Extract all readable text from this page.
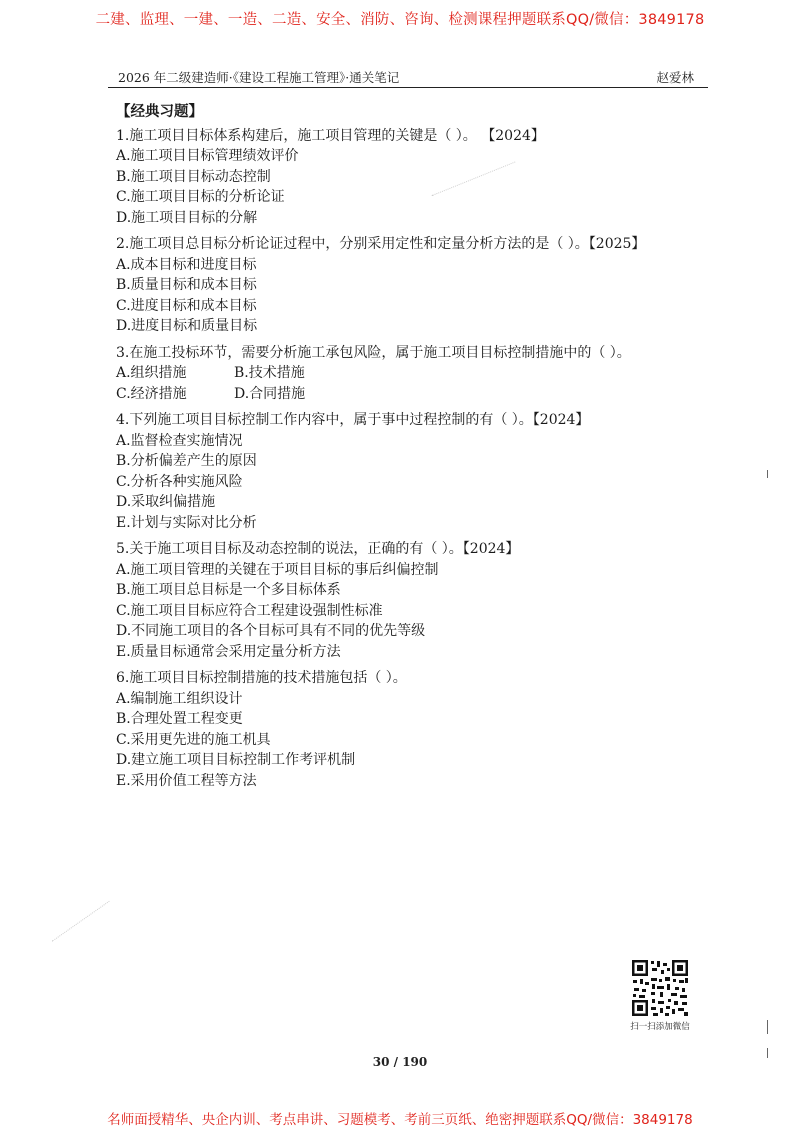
二建、监理、一建、一造、二造、安全、消防、咨询、检测课程押题联系QQ/微信：3849178
2026 年二级建造师·《建设工程施工管理》·通关笔记	赵爱林
【经典习题】
1.施工项目目标体系构建后，施工项目管理的关键是（ ）。 【2024】
A.施工项目目标管理绩效评价
B.施工项目目标动态控制
C.施工项目目标的分析论证
D.施工项目目标的分解
2.施工项目总目标分析论证过程中，分别采用定性和定量分析方法的是（ ）。【2025】
A.成本目标和进度目标
B.质量目标和成本目标
C.进度目标和成本目标
D.进度目标和质量目标
3.在施工投标环节，需要分析施工承包风险，属于施工项目目标控制措施中的（ ）。
A.组织措施	B.技术措施
C.经济措施	D.合同措施
4.下列施工项目目标控制工作内容中，属于事中过程控制的有（ ）。【2024】
A.监督检查实施情况
B.分析偏差产生的原因
C.分析各种实施风险
D.采取纠偏措施
E.计划与实际对比分析
5.关于施工项目目标及动态控制的说法，正确的有（ ）。【2024】
A.施工项目管理的关键在于项目目标的事后纠偏控制
B.施工项目总目标是一个多目标体系
C.施工项目目标应符合工程建设强制性标准
D.不同施工项目的各个目标可具有不同的优先等级
E.质量目标通常会采用定量分析方法
6.施工项目目标控制措施的技术措施包括（ ）。
A.编制施工组织设计
B.合理处置工程变更
C.采用更先进的施工机具
D.建立施工项目目标控制工作考评机制
E.采用价值工程等方法
扫一扫添加微信
30 / 190
名师面授精华、央企内训、考点串讲、习题模考、考前三页纸、绝密押题联系QQ/微信：3849178
